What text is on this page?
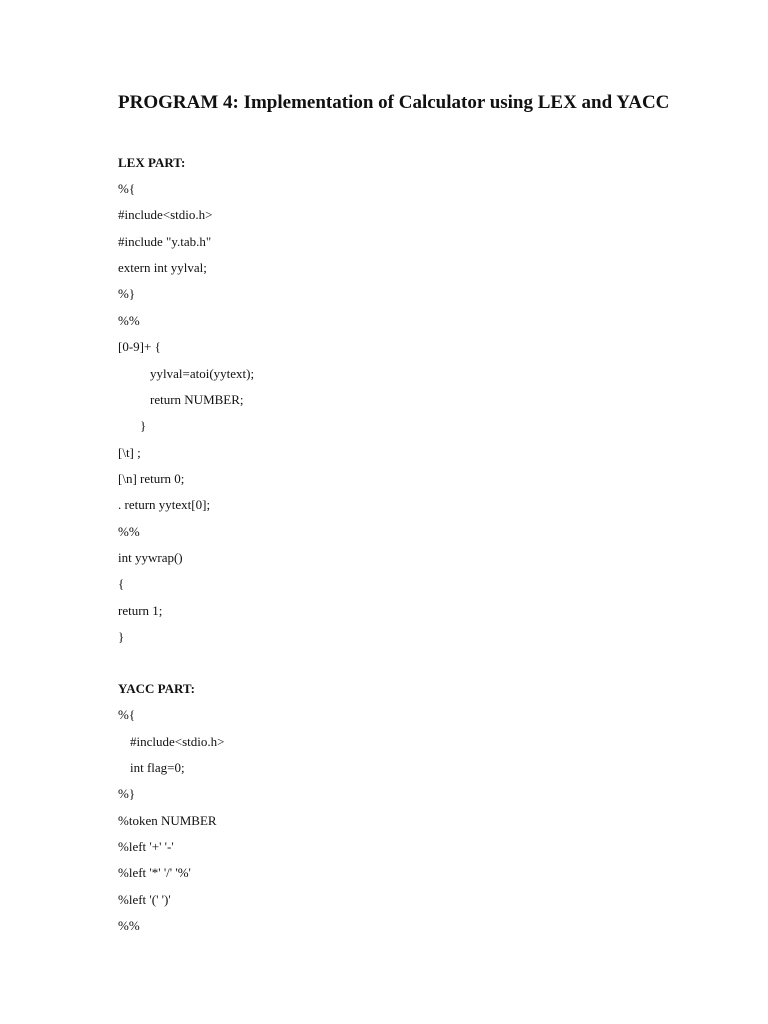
PROGRAM 4: Implementation of Calculator using LEX and YACC
LEX PART:
%{
#include<stdio.h>
#include "y.tab.h"
extern int yylval;
%}
%%
[0-9]+ {
yylval=atoi(yytext);
return NUMBER;
}
[\t] ;
[\n] return 0;
. return yytext[0];
%%
int yywrap()
{
return 1;
}
YACC PART:
%{
#include<stdio.h>
int flag=0;
%}
%token NUMBER
%left '+' '-'
%left '*' '/' '%'
%left '(' ')'
%%
